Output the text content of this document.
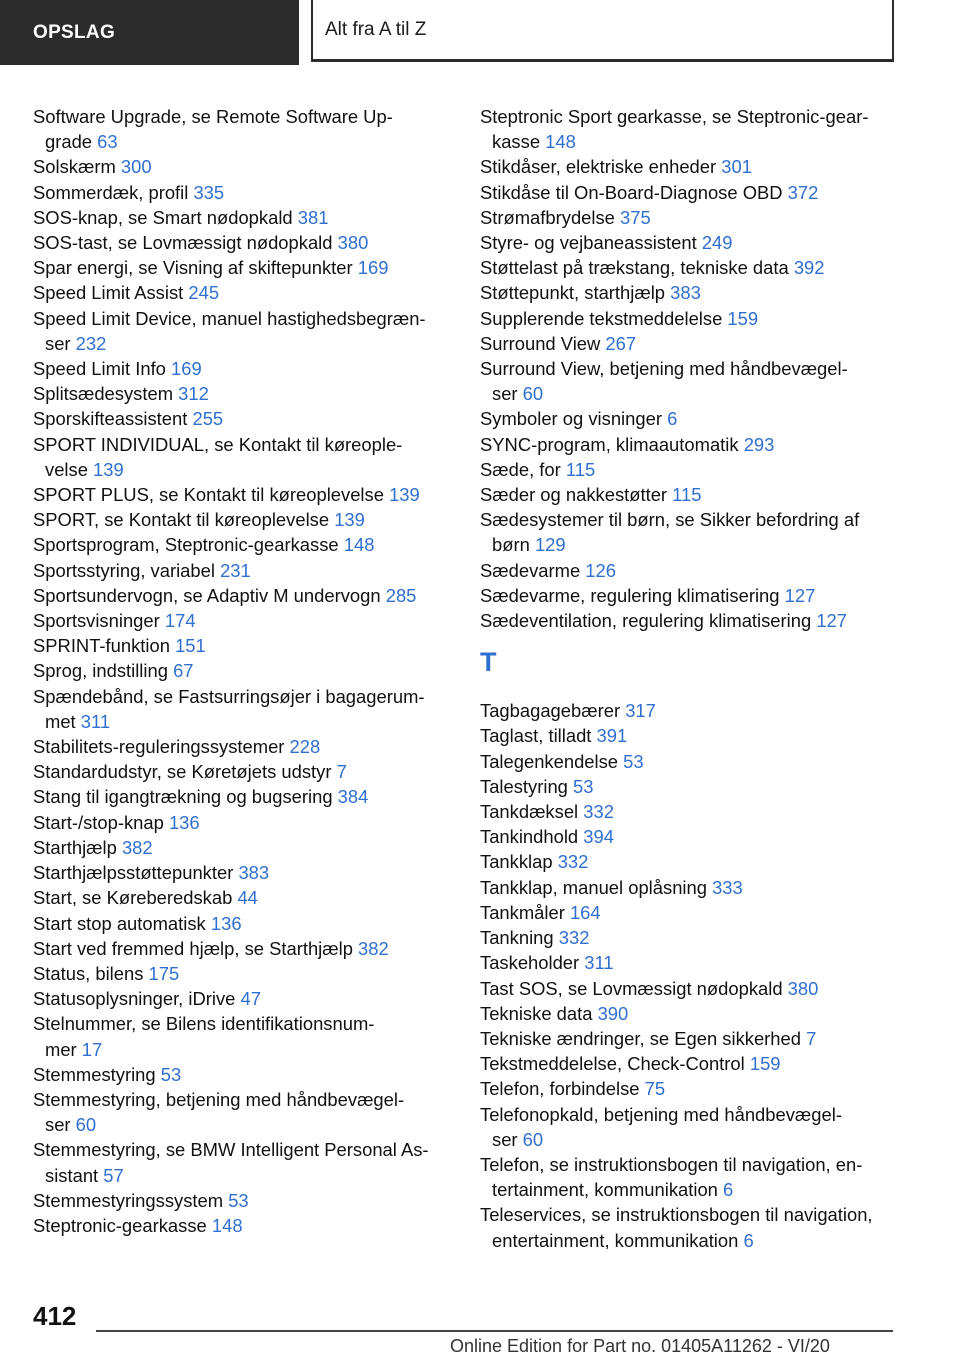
OPSLAG	Alt fra A til Z

Software Upgrade, se Remote Software Up‐
grade 63

Solskærm 300

Sommerdæk, profil 335

SOS-knap, se Smart nødopkald 381

SOS-tast, se Lovmæssigt nødopkald 380

Spar energi, se Visning af skiftepunkter 169

Speed Limit Assist 245

Speed Limit Device, manuel hastighedsbegræn‐
ser 232

Speed Limit Info 169

Splitsædesystem 312

Sporskifteassistent 255

SPORT INDIVIDUAL, se Kontakt til køreople‐
velse 139

SPORT PLUS, se Kontakt til køreoplevelse 139

SPORT, se Kontakt til køreoplevelse 139

Sportsprogram, Steptronic-gearkasse 148

Sportsstyring, variabel 231

Sportsundervogn, se Adaptiv M undervogn 285

Sportsvisninger 174

SPRINT-funktion 151

Sprog, indstilling 67

Spændebånd, se Fastsurringsøjer i bagagerum‐
met 311

Stabilitets-reguleringssystemer 228

Standardudstyr, se Køretøjets udstyr 7

Stang til igangtrækning og bugsering 384

Start-/stop-knap 136

Starthjælp 382

Starthjælpsstøttepunkter 383

Start, se Køreberedskab 44

Start stop automatisk 136

Start ved fremmed hjælp, se Starthjælp 382

Status, bilens 175

Statusoplysninger, iDrive 47

Stelnummer, se Bilens identifikationsnum‐
mer 17

Stemmestyring 53

Stemmestyring, betjening med håndbevægel‐
ser 60

Stemmestyring, se BMW Intelligent Personal As‐
sistant 57

Stemmestyringssystem 53

Steptronic-gearkasse 148

Steptronic Sport gearkasse, se Steptronic-gear‐
kasse 148

Stikdåser, elektriske enheder 301

Stikdåse til On-Board-Diagnose OBD 372

Strømafbrydelse 375

Styre- og vejbaneassistent 249

Støttelast på trækstang, tekniske data 392

Støttepunkt, starthjælp 383

Supplerende tekstmeddelelse 159

Surround View 267

Surround View, betjening med håndbevægel‐
ser 60

Symboler og visninger 6

SYNC-program, klimaautomatik 293

Sæde, for 115

Sæder og nakkestøtter 115

Sædesystemer til børn, se Sikker befordring af
børn 129

Sædevarme 126

Sædevarme, regulering klimatisering 127

Sædeventilation, regulering klimatisering 127

T

Tagbagagebærer 317

Taglast, tilladt 391

Talegenkendelse 53

Talestyring 53

Tankdæksel 332

Tankindhold 394

Tankklap 332

Tankklap, manuel oplåsning 333

Tankmåler 164

Tankning 332

Taskeholder 311

Tast SOS, se Lovmæssigt nødopkald 380

Tekniske data 390

Tekniske ændringer, se Egen sikkerhed 7

Tekstmeddelelse, Check-Control 159

Telefon, forbindelse 75

Telefonopkald, betjening med håndbevægel‐
ser 60

Telefon, se instruktionsbogen til navigation, en‐
tertainment, kommunikation 6

Teleservices, se instruktionsbogen til navigation,
entertainment, kommunikation 6

412
Online Edition for Part no. 01405A11262 - VI/20
